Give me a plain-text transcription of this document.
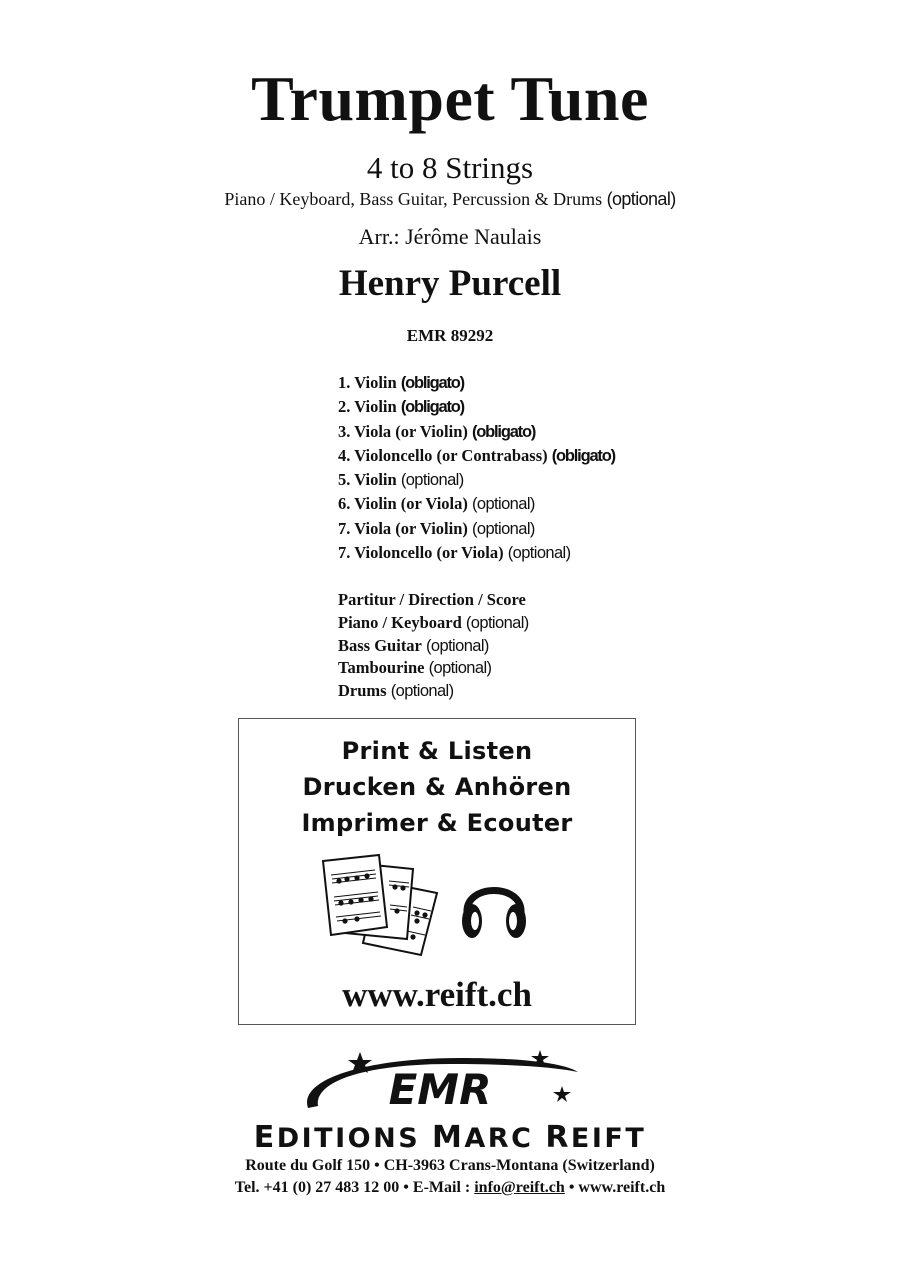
Trumpet Tune
4 to 8 Strings
Piano / Keyboard, Bass Guitar, Percussion & Drums (optional)
Arr.: Jérôme Naulais
Henry Purcell
EMR 89292
1. Violin (obligato)
2. Violin (obligato)
3. Viola (or Violin) (obligato)
4. Violoncello (or Contrabass) (obligato)
5. Violin (optional)
6. Violin (or Viola) (optional)
7. Viola (or Violin) (optional)
7. Violoncello (or Viola) (optional)
Partitur / Direction / Score
Piano / Keyboard (optional)
Bass Guitar (optional)
Tambourine (optional)
Drums (optional)
Print & Listen
Drucken & Anhören
Imprimer & Ecouter
www.reift.ch
EMR
EDITIONS MARC REIFT
Route du Golf 150 • CH-3963 Crans-Montana (Switzerland)
Tel. +41 (0) 27 483 12 00 • E-Mail : info@reift.ch • www.reift.ch
